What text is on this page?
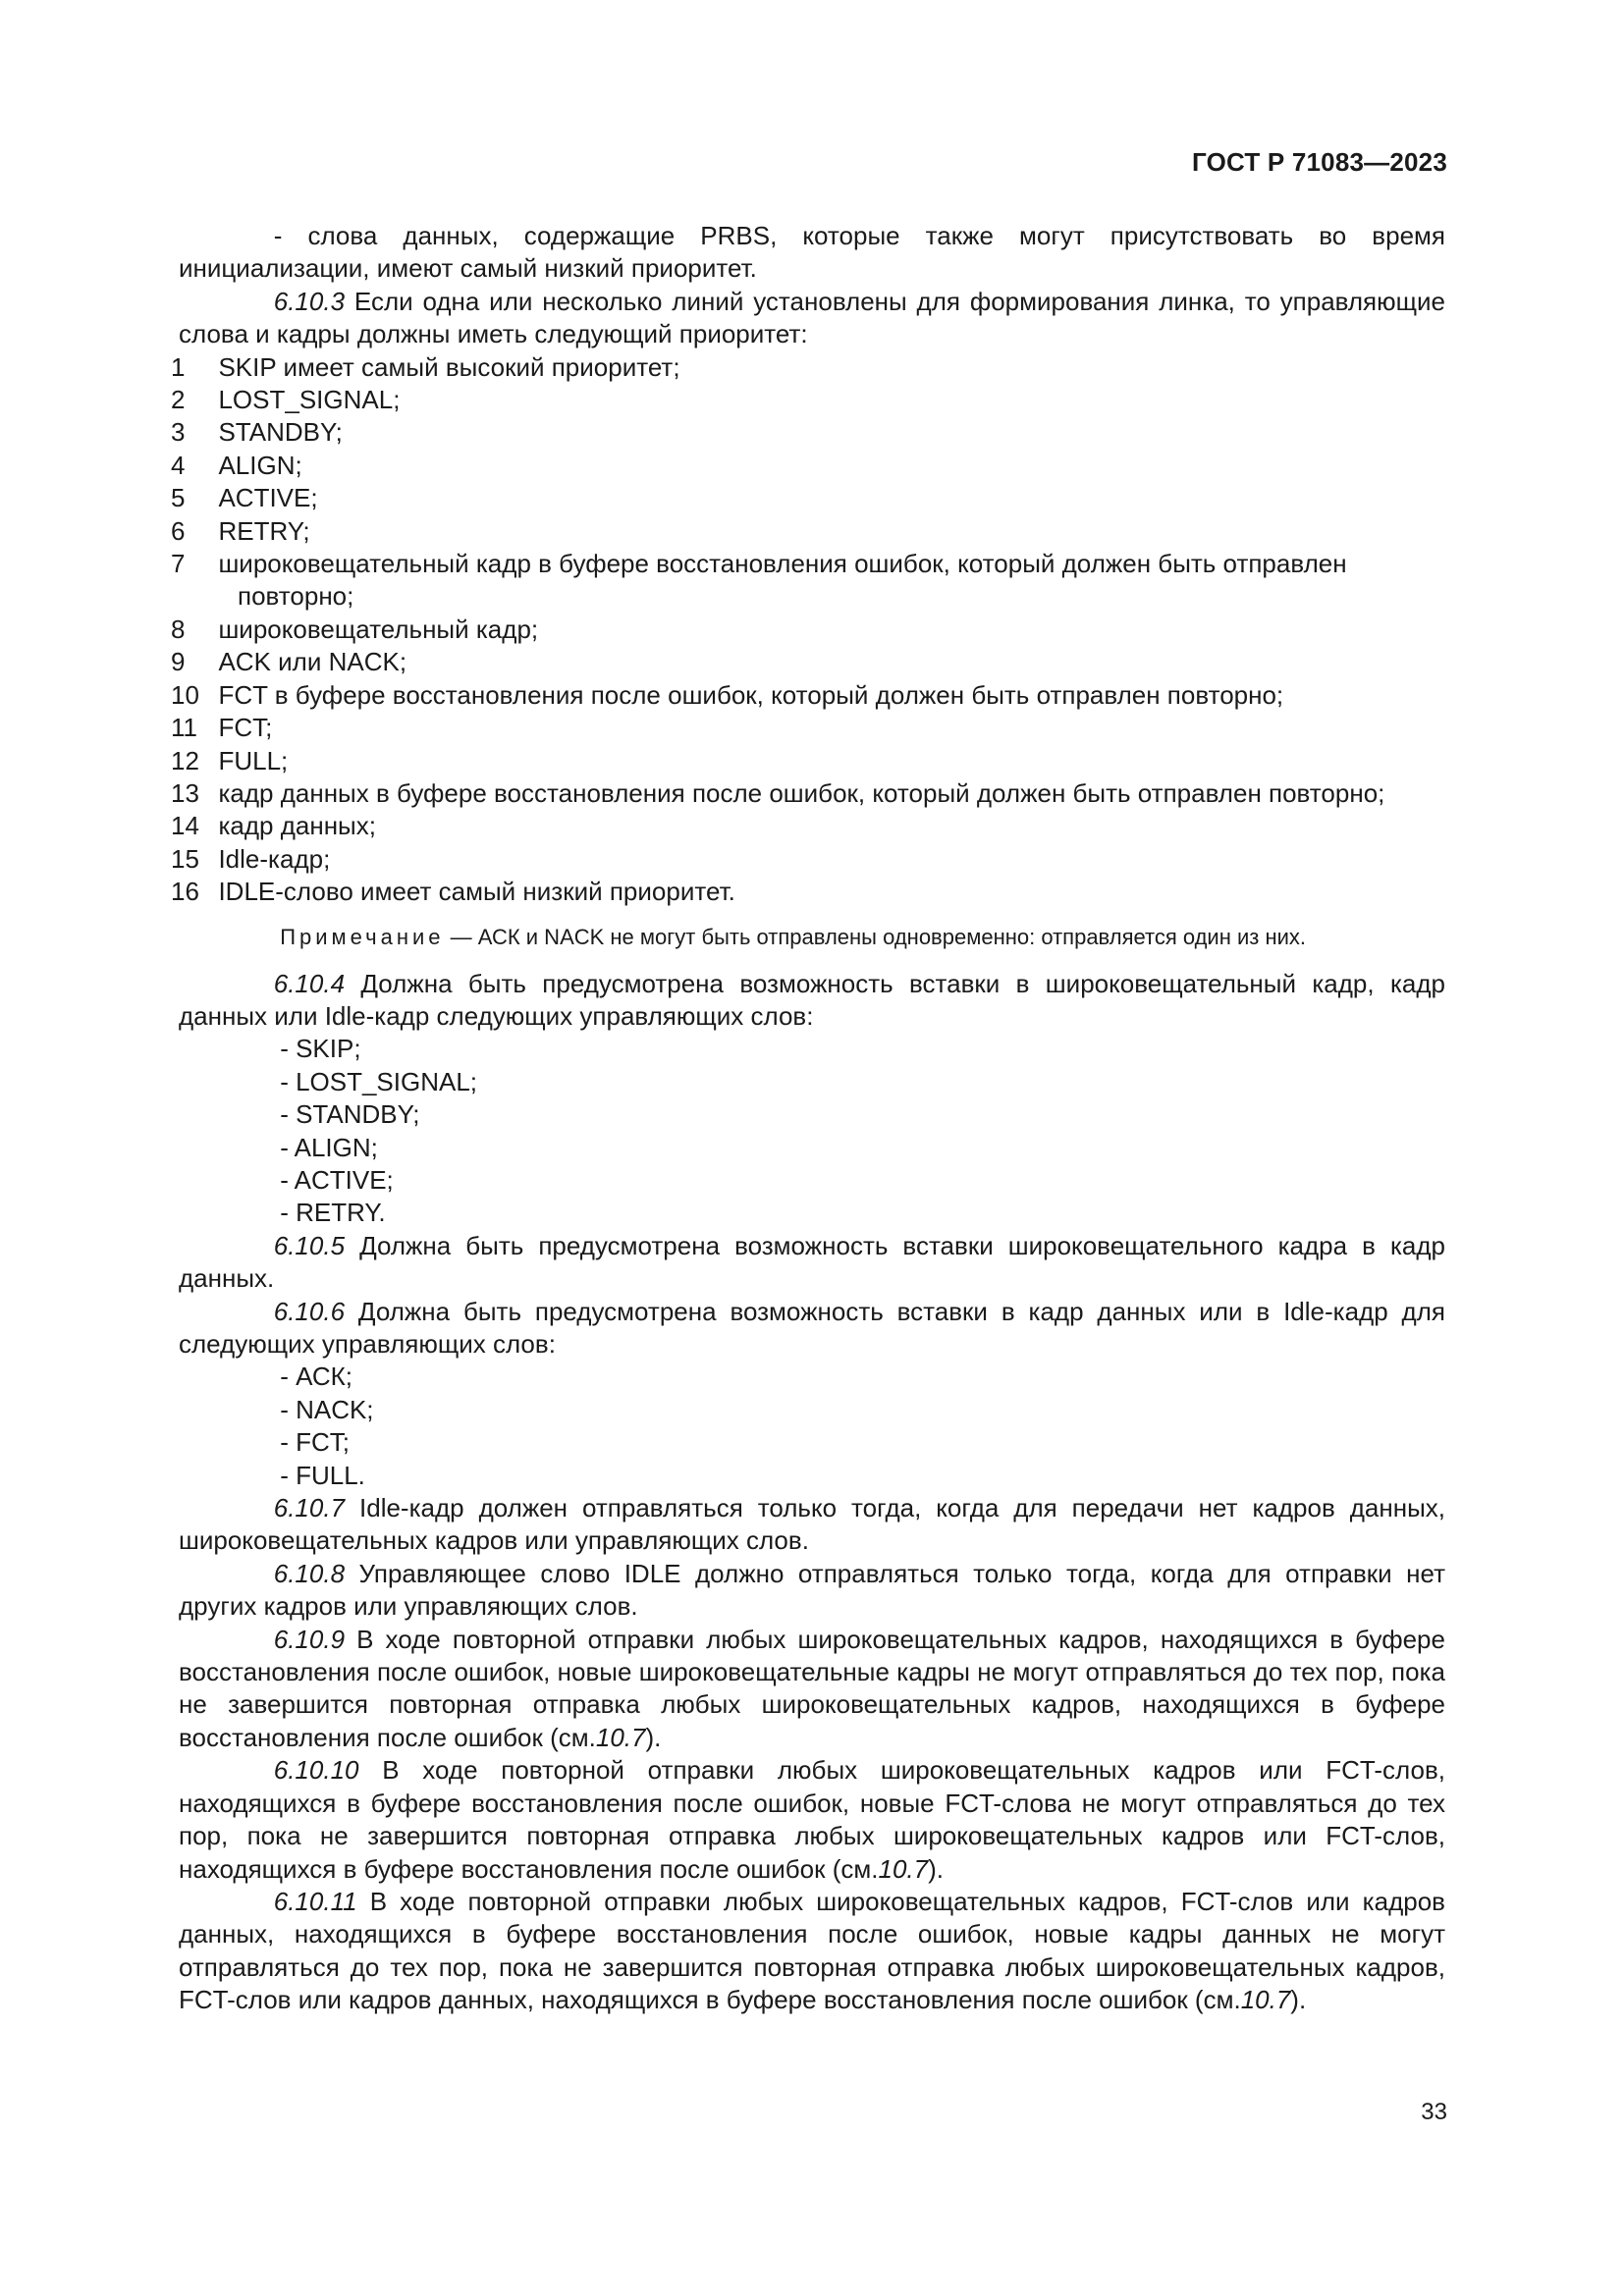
ГОСТ Р 71083—2023

- слова данных, содержащие PRBS, которые также могут присутствовать во время инициализации, имеют самый низкий приоритет.

6.10.3 Если одна или несколько линий установлены для формирования линка, то управляющие слова и кадры должны иметь следующий приоритет:

1 SKIP имеет самый высокий приоритет;
2 LOST_SIGNAL;
3 STANDBY;
4 ALIGN;
5 ACTIVE;
6 RETRY;
7 широковещательный кадр в буфере восстановления ошибок, который должен быть отправлен повторно;
8 широковещательный кадр;
9 ACK или NACK;
10 FCT в буфере восстановления после ошибок, который должен быть отправлен повторно;
11 FCT;
12 FULL;
13 кадр данных в буфере восстановления после ошибок, который должен быть отправлен повторно;
14 кадр данных;
15 Idle-кадр;
16 IDLE-слово имеет самый низкий приоритет.
Примечание — АСК и NACK не могут быть отправлены одновременно: отправляется один из них.

6.10.4 Должна быть предусмотрена возможность вставки в широковещательный кадр, кадр данных или Idle-кадр следующих управляющих слов:

- SKIP;
- LOST_SIGNAL;
- STANDBY;
- ALIGN;
- ACTIVE;
- RETRY.

6.10.5 Должна быть предусмотрена возможность вставки широковещательного кадра в кадр данных.

6.10.6 Должна быть предусмотрена возможность вставки в кадр данных или в Idle-кадр для следующих управляющих слов:

- АСК;
- NACK;
- FCT;
- FULL.

6.10.7 Idle-кадр должен отправляться только тогда, когда для передачи нет кадров данных, широковещательных кадров или управляющих слов.

6.10.8 Управляющее слово IDLE должно отправляться только тогда, когда для отправки нет других кадров или управляющих слов.

6.10.9 В ходе повторной отправки любых широковещательных кадров, находящихся в буфере восстановления после ошибок, новые широковещательные кадры не могут отправляться до тех пор, пока не завершится повторная отправка любых широковещательных кадров, находящихся в буфере восстановления после ошибок (см.10.7).

6.10.10 В ходе повторной отправки любых широковещательных кадров или FCT-слов, находящихся в буфере восстановления после ошибок, новые FCT-слова не могут отправляться до тех пор, пока не завершится повторная отправка любых широковещательных кадров или FCT-слов, находящихся в буфере восстановления после ошибок (см.10.7).

6.10.11 В ходе повторной отправки любых широковещательных кадров, FCT-слов или кадров данных, находящихся в буфере восстановления после ошибок, новые кадры данных не могут отправляться до тех пор, пока не завершится повторная отправка любых широковещательных кадров, FCT-слов или кадров данных, находящихся в буфере восстановления после ошибок (см.10.7).

33
